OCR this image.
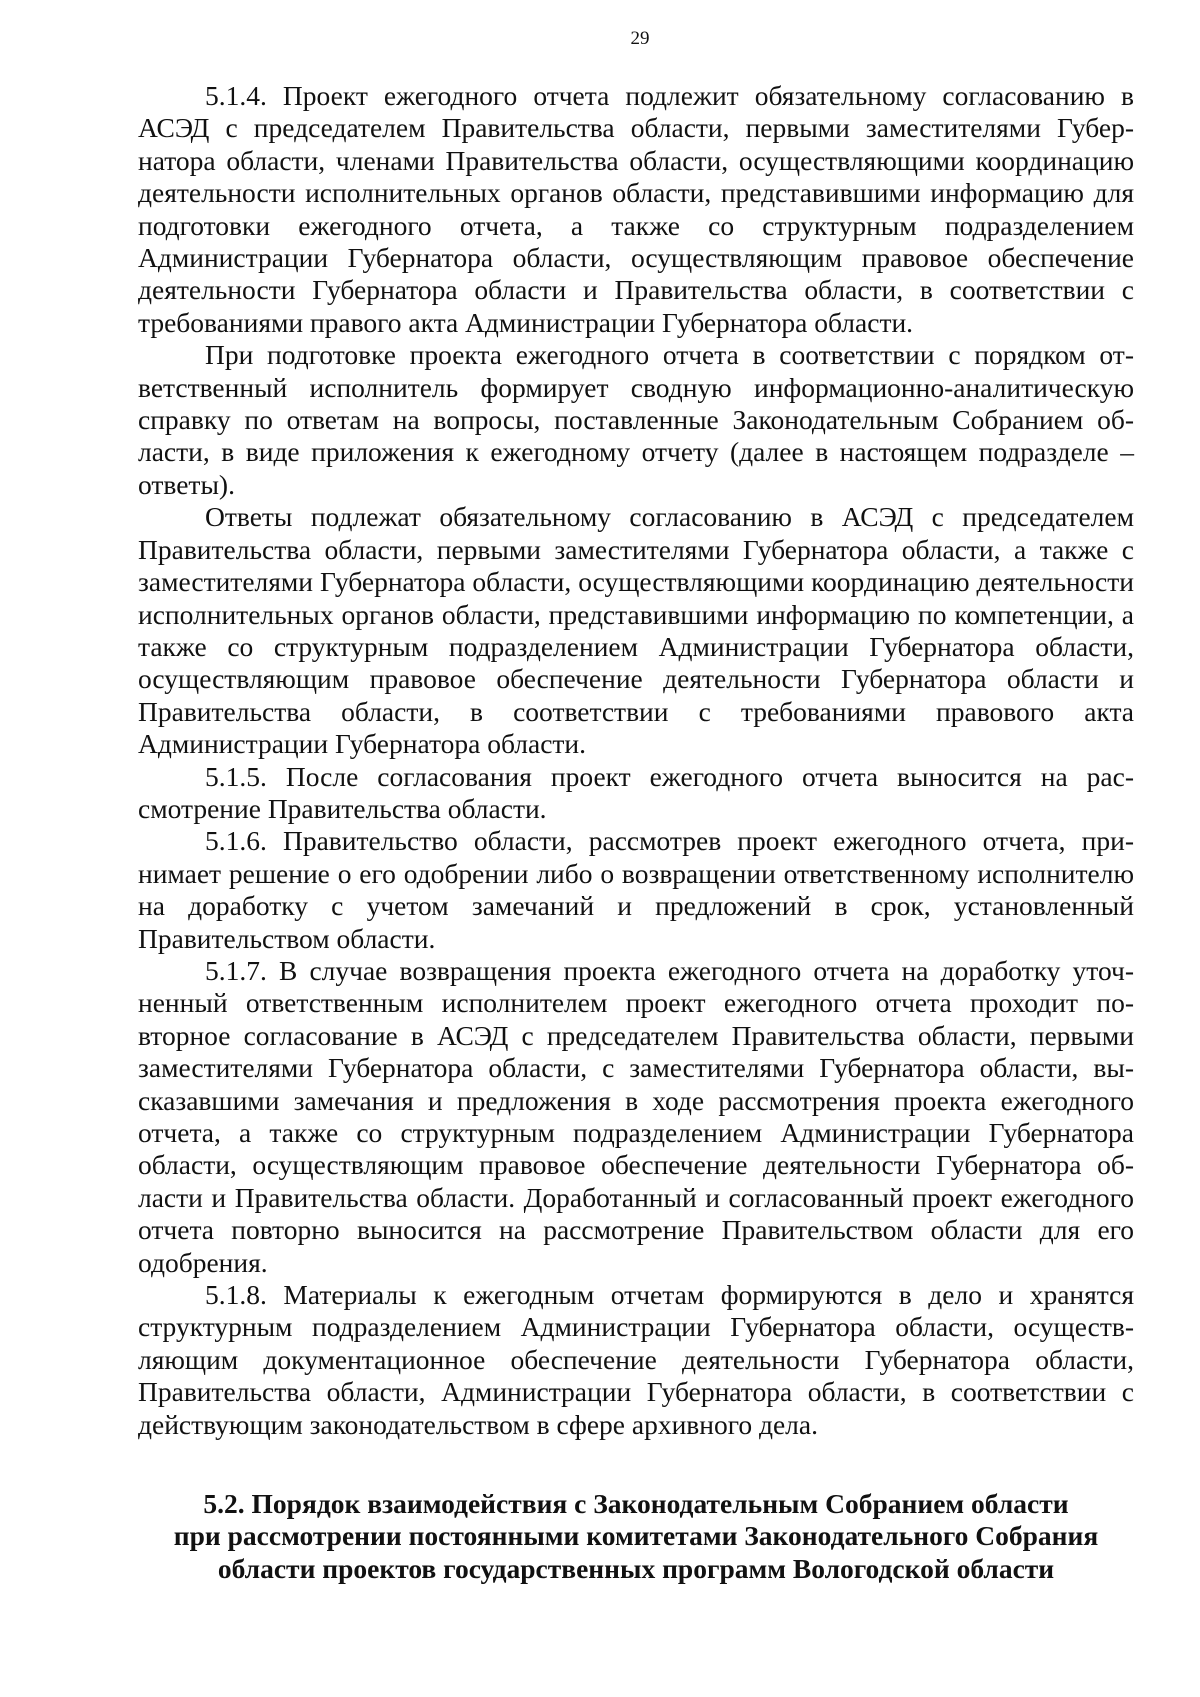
29

5.1.4. Проект ежегодного отчета подлежит обязательному согласованию в АСЭД с председателем Правительства области, первыми заместителями Губернатора области, членами Правительства области, осуществляющими координацию деятельности исполнительных органов области, представившими информацию для подготовки ежегодного отчета, а также со структурным подразделением Администрации Губернатора области, осуществляющим правовое обеспечение деятельности Губернатора области и Правительства области, в соответствии с требованиями правого акта Администрации Губернатора области.

При подготовке проекта ежегодного отчета в соответствии с порядком ответственный исполнитель формирует сводную информационно-аналитическую справку по ответам на вопросы, поставленные Законодательным Собранием области, в виде приложения к ежегодному отчету (далее в настоящем подразделе – ответы).

Ответы подлежат обязательному согласованию в АСЭД с председателем Правительства области, первыми заместителями Губернатора области, а также с заместителями Губернатора области, осуществляющими координацию деятельности исполнительных органов области, представившими информацию по компетенции, а также со структурным подразделением Администрации Губернатора области, осуществляющим правовое обеспечение деятельности Губернатора области и Правительства области, в соответствии с требованиями правового акта Администрации Губернатора области.

5.1.5. После согласования проект ежегодного отчета выносится на рассмотрение Правительства области.

5.1.6. Правительство области, рассмотрев проект ежегодного отчета, принимает решение о его одобрении либо о возвращении ответственному исполнителю на доработку с учетом замечаний и предложений в срок, установленный Правительством области.

5.1.7. В случае возвращения проекта ежегодного отчета на доработку уточненный ответственным исполнителем проект ежегодного отчета проходит повторное согласование в АСЭД с председателем Правительства области, первыми заместителями Губернатора области, с заместителями Губернатора области, высказавшими замечания и предложения в ходе рассмотрения проекта ежегодного отчета, а также со структурным подразделением Администрации Губернатора области, осуществляющим правовое обеспечение деятельности Губернатора области и Правительства области. Доработанный и согласованный проект ежегодного отчета повторно выносится на рассмотрение Правительством области для его одобрения.

5.1.8. Материалы к ежегодным отчетам формируются в дело и хранятся структурным подразделением Администрации Губернатора области, осуществляющим документационное обеспечение деятельности Губернатора области, Правительства области, Администрации Губернатора области, в соответствии с действующим законодательством в сфере архивного дела.

5.2. Порядок взаимодействия с Законодательным Собранием области
при рассмотрении постоянными комитетами Законодательного Собрания
области проектов государственных программ Вологодской области
